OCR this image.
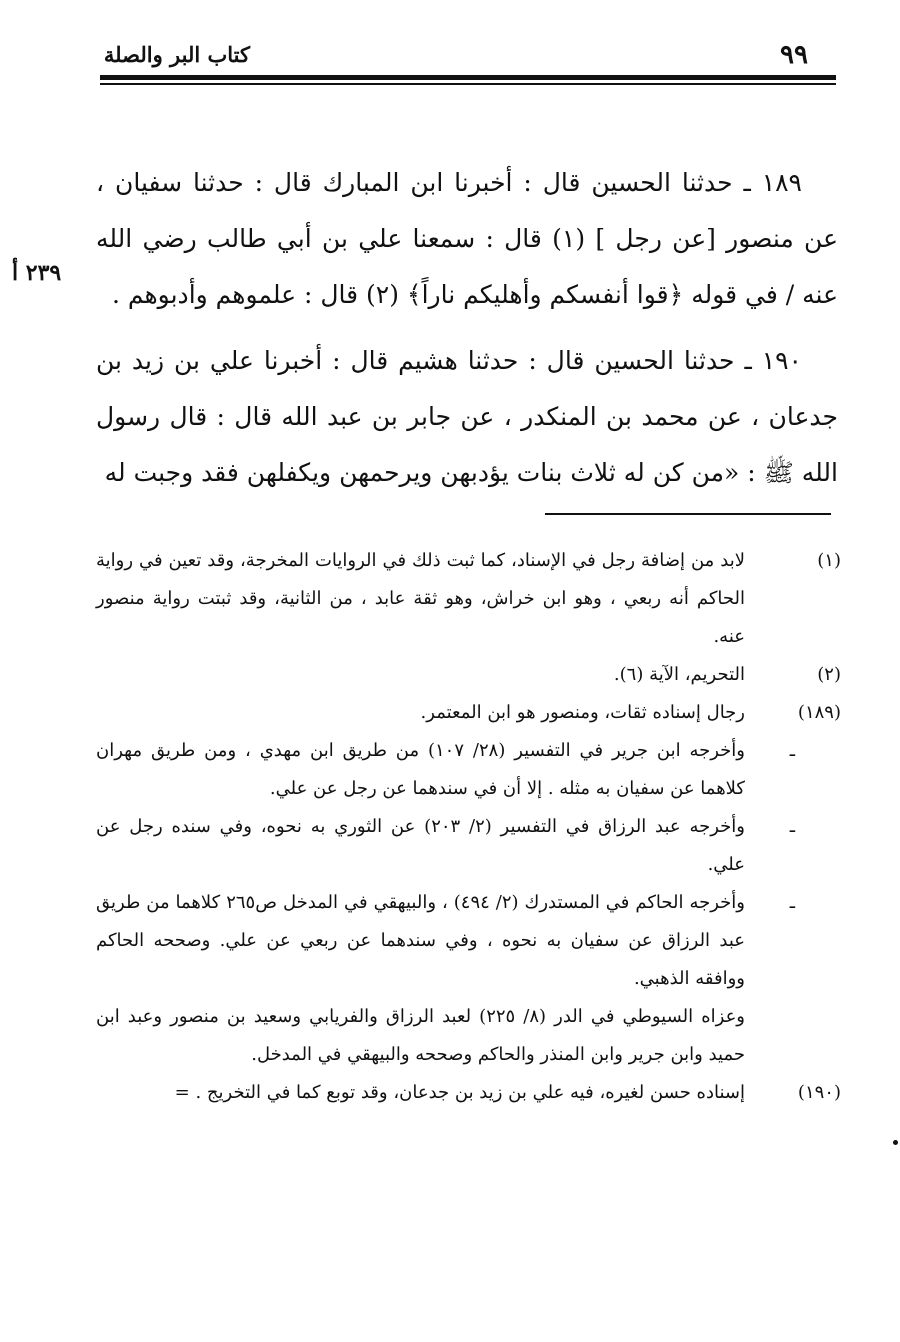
كتاب البر والصلة	٩٩
٢٣٩ أ

١٨٩ ـ حدثنا الحسين قال : أخبرنا ابن المبارك قال : حدثنا سفيان ، عن منصور [عن رجل ] (١) قال : سمعنا علي بن أبي طالب رضي الله عنه / في قوله ﴿قوا أنفسكم وأهليكم ناراً﴾ (٢) قال : علموهم وأدبوهم .

١٩٠ ـ حدثنا الحسين قال : حدثنا هشيم قال : أخبرنا علي بن زيد بن جدعان ، عن محمد بن المنكدر ، عن جابر بن عبد الله قال : قال رسول الله ﷺ : «من كن له ثلاث بنات يؤدبهن ويرحمهن ويكفلهن فقد وجبت له

(١)
لابد من إضافة رجل في الإسناد، كما ثبت ذلك في الروايات المخرجة، وقد تعين في رواية الحاكم أنه ربعي ، وهو ابن خراش، وهو ثقة عابد ، من الثانية، وقد ثبتت رواية منصور عنه.
(٢)
التحريم، الآية (٦).
(١٨٩)
رجال إسناده ثقات، ومنصور هو ابن المعتمر.
ـ
وأخرجه ابن جرير في التفسير (٢٨/ ١٠٧) من طريق ابن مهدي ، ومن طريق مهران كلاهما عن سفيان به مثله . إلا أن في سندهما عن رجل عن علي.
ـ
وأخرجه عبد الرزاق في التفسير (٢/ ٢٠٣) عن الثوري به نحوه، وفي سنده رجل عن علي.
ـ
وأخرجه الحاكم في المستدرك (٢/ ٤٩٤) ، والبيهقي في المدخل ص٢٦٥ كلاهما من طريق عبد الرزاق عن سفيان به نحوه ، وفي سندهما عن ربعي عن علي. وصححه الحاكم ووافقه الذهبي.
وعزاه السيوطي في الدر (٨/ ٢٢٥) لعبد الرزاق والفريابي وسعيد بن منصور وعبد ابن حميد وابن جرير وابن المنذر والحاكم وصححه والبيهقي في المدخل.
(١٩٠)
إسناده حسن لغيره، فيه علي بن زيد بن جدعان، وقد توبع كما في التخريج . =
